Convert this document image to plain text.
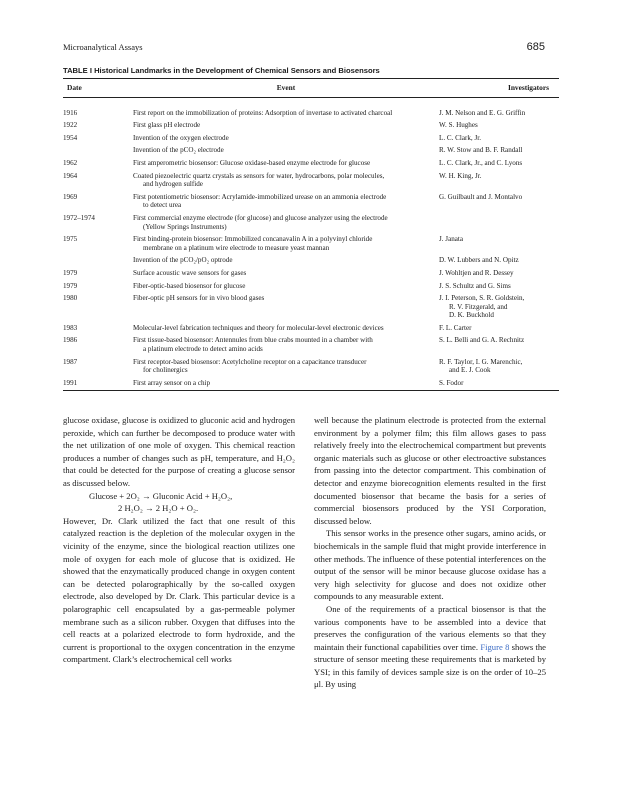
Microanalytical Assays	685
TABLE I Historical Landmarks in the Development of Chemical Sensors and Biosensors
Date	Event	Investigators

1916	First report on the immobilization of proteins: Adsorption of invertase to activated charcoal	J. M. Nelson and E. G. Griffin

1922	First glass pH electrode	W. S. Hughes

1954	Invention of the oxygen electrode	L. C. Clark, Jr.

	Invention of the pCO₂ electrode	R. W. Stow and B. F. Randall

1962	First amperometric biosensor: Glucose oxidase-based enzyme electrode for glucose	L. C. Clark, Jr., and C. Lyons

1964	Coated piezoelectric quartz crystals as sensors for water, hydrocarbons, polar molecules,
and hydrogen sulfide	W. H. King, Jr.

1969	First potentiometric biosensor: Acrylamide-immobilized urease on an ammonia electrode
to detect urea	G. Guilbault and J. Montalvo

1972–1974	First commercial enzyme electrode (for glucose) and glucose analyzer using the electrode
(Yellow Springs Instruments)	

1975	First binding-protein biosensor: Immobilized concanavalin A in a polyvinyl chloride
membrane on a platinum wire electrode to measure yeast mannan	J. Janata

	Invention of the pCO₂/pO₂ optrode	D. W. Lubbers and N. Opitz

1979	Surface acoustic wave sensors for gases	J. Wohltjen and R. Dessey

1979	Fiber-optic-based biosensor for glucose	J. S. Schultz and G. Sims

1980	Fiber-optic pH sensors for in vivo blood gases	J. I. Peterson, S. R. Goldstein,
R. V. Fitzgerald, and
D. K. Buckhold

1983	Molecular-level fabrication techniques and theory for molecular-level electronic devices	F. L. Carter

1986	First tissue-based biosensor: Antennules from blue crabs mounted in a chamber with
a platinum electrode to detect amino acids	S. L. Belli and G. A. Rechnitz

1987	First receptor-based biosensor: Acetylcholine receptor on a capacitance transducer
for cholinergics	R. F. Taylor, I. G. Marenchic,
and E. J. Cook

1991	First array sensor on a chip	S. Fodor

glucose oxidase, glucose is oxidized to gluconic acid and hydrogen peroxide, which can further be decomposed to produce water with the net utilization of one mole of oxygen. This chemical reaction produces a number of changes such as pH, temperature, and H₂O₂ that could be detected for the purpose of creating a glucose sensor as discussed below.

Glucose + 2O₂ → Gluconic Acid + H₂O₂,

2 H₂O₂ → 2 H₂O + O₂.

However, Dr. Clark utilized the fact that one result of this catalyzed reaction is the depletion of the molecular oxygen in the vicinity of the enzyme, since the biological reaction utilizes one mole of oxygen for each mole of glucose that is oxidized. He showed that the enzymatically produced change in oxygen content can be detected polarographically by the so-called oxygen electrode, also developed by Dr. Clark. This particular device is a polarographic cell encapsulated by a gas-permeable polymer membrane such as a silicon rubber. Oxygen that diffuses into the cell reacts at a polarized electrode to form hydroxide, and the current is proportional to the oxygen concentration in the enzyme compartment. Clark’s electrochemical cell works

well because the platinum electrode is protected from the external environment by a polymer film; this film allows gases to pass relatively freely into the electrochemical compartment but prevents organic materials such as glucose or other electroactive substances from passing into the detector compartment. This combination of detector and enzyme biorecognition elements resulted in the first documented biosensor that became the basis for a series of commercial biosensors produced by the YSI Corporation, discussed below.

This sensor works in the presence other sugars, amino acids, or biochemicals in the sample fluid that might provide interference in other methods. The influence of these potential interferences on the output of the sensor will be minor because glucose oxidase has a very high selectivity for glucose and does not oxidize other compounds to any measurable extent.

One of the requirements of a practical biosensor is that the various components have to be assembled into a device that preserves the configuration of the various elements so that they maintain their functional capabilities over time. Figure 8 shows the structure of sensor meeting these requirements that is marketed by YSI; in this family of devices sample size is on the order of 10–25 μl. By using
